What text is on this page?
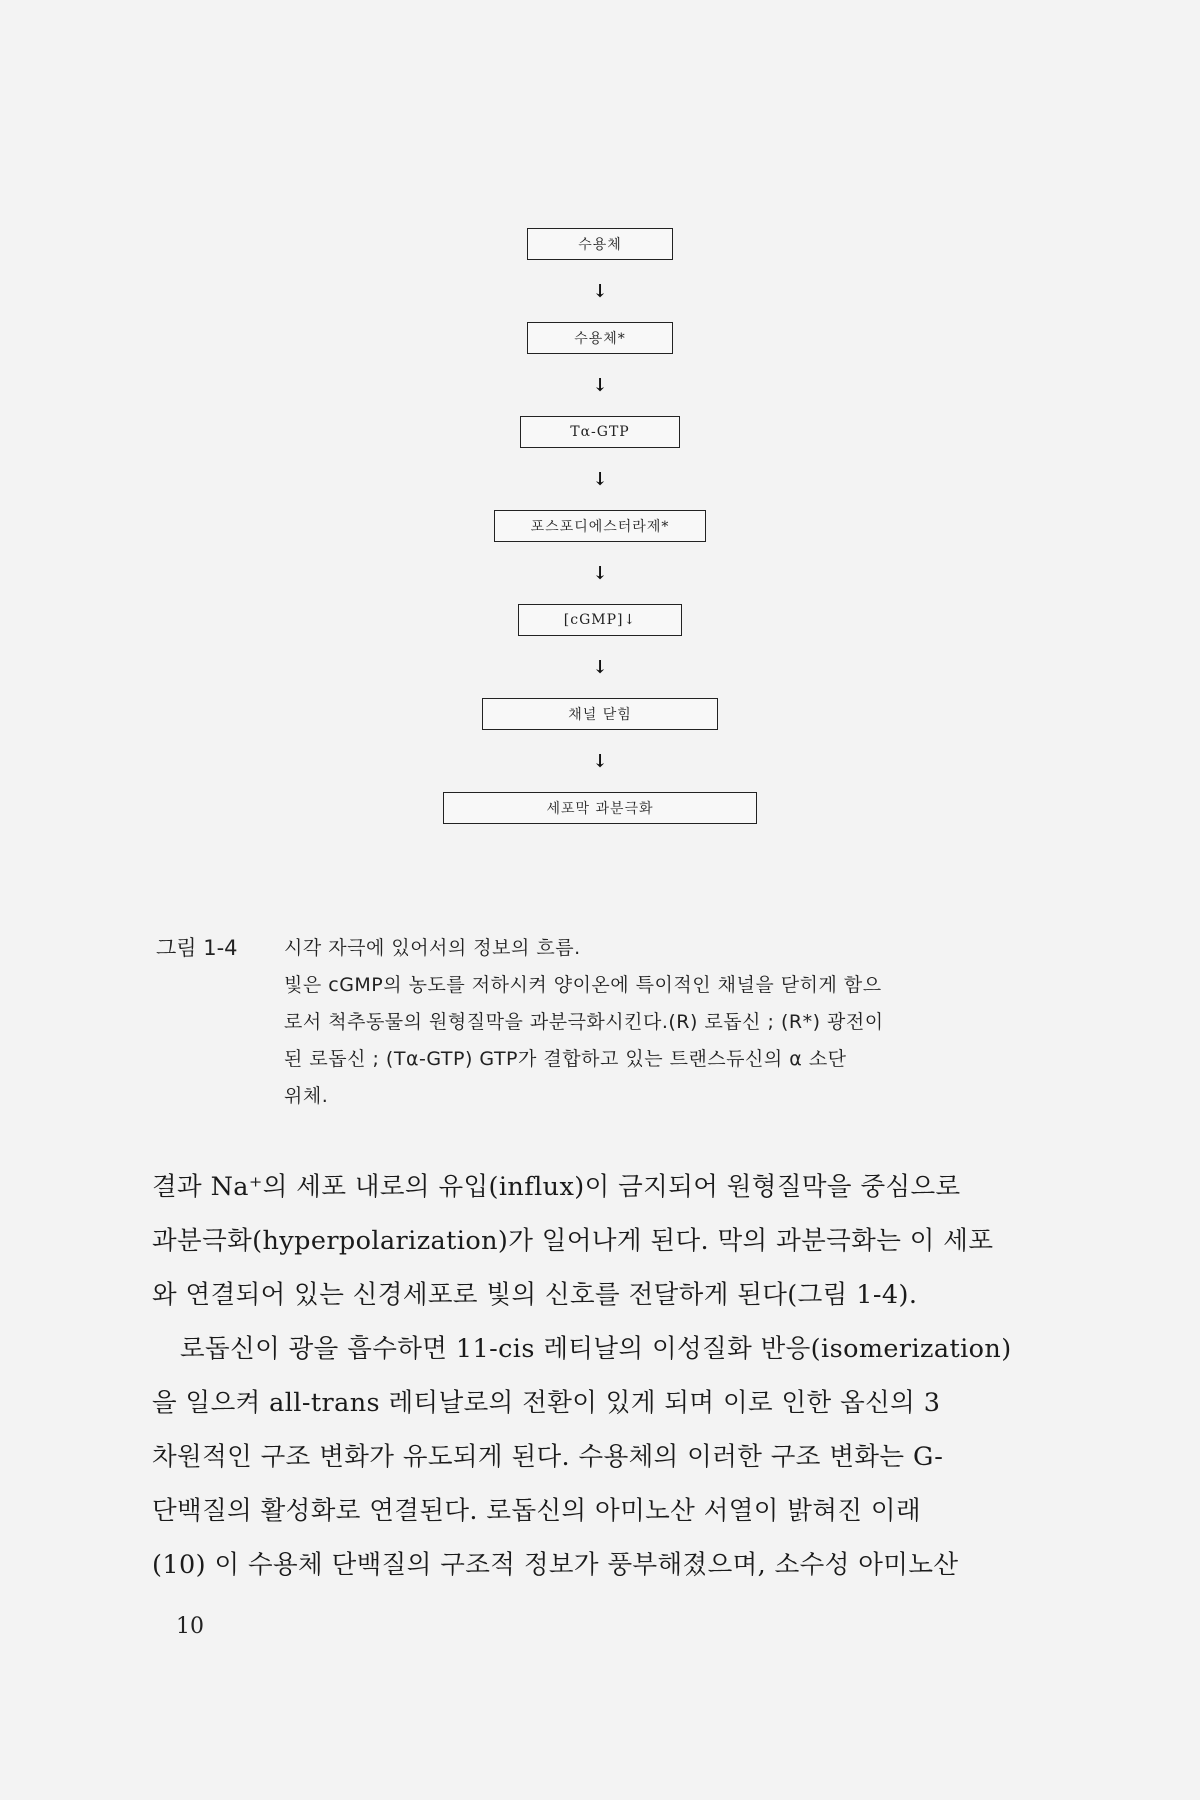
수용체
↓
수용체*
↓
Tα-GTP
↓
포스포디에스터라제*
↓
[cGMP]↓
↓
채널 닫힘
↓
세포막 과분극화
그림 1-4	시각 자극에 있어서의 정보의 흐름.
빛은 cGMP의 농도를 저하시켜 양이온에 특이적인 채널을 닫히게 함으
로서 척추동물의 원형질막을 과분극화시킨다.(R) 로돕신 ; (R*) 광전이
된 로돕신 ; (Tα-GTP) GTP가 결합하고 있는 트랜스듀신의 α 소단
위체.
결과 Na⁺의 세포 내로의 유입(influx)이 금지되어 원형질막을 중심으로
과분극화(hyperpolarization)가 일어나게 된다. 막의 과분극화는 이 세포
와 연결되어 있는 신경세포로 빛의 신호를 전달하게 된다(그림 1-4).
로돕신이 광을 흡수하면 11-cis 레티날의 이성질화 반응(isomerization)
을 일으켜 all-trans 레티날로의 전환이 있게 되며 이로 인한 옵신의 3
차원적인 구조 변화가 유도되게 된다. 수용체의 이러한 구조 변화는 G-
단백질의 활성화로 연결된다. 로돕신의 아미노산 서열이 밝혀진 이래
(10) 이 수용체 단백질의 구조적 정보가 풍부해졌으며, 소수성 아미노산
10
